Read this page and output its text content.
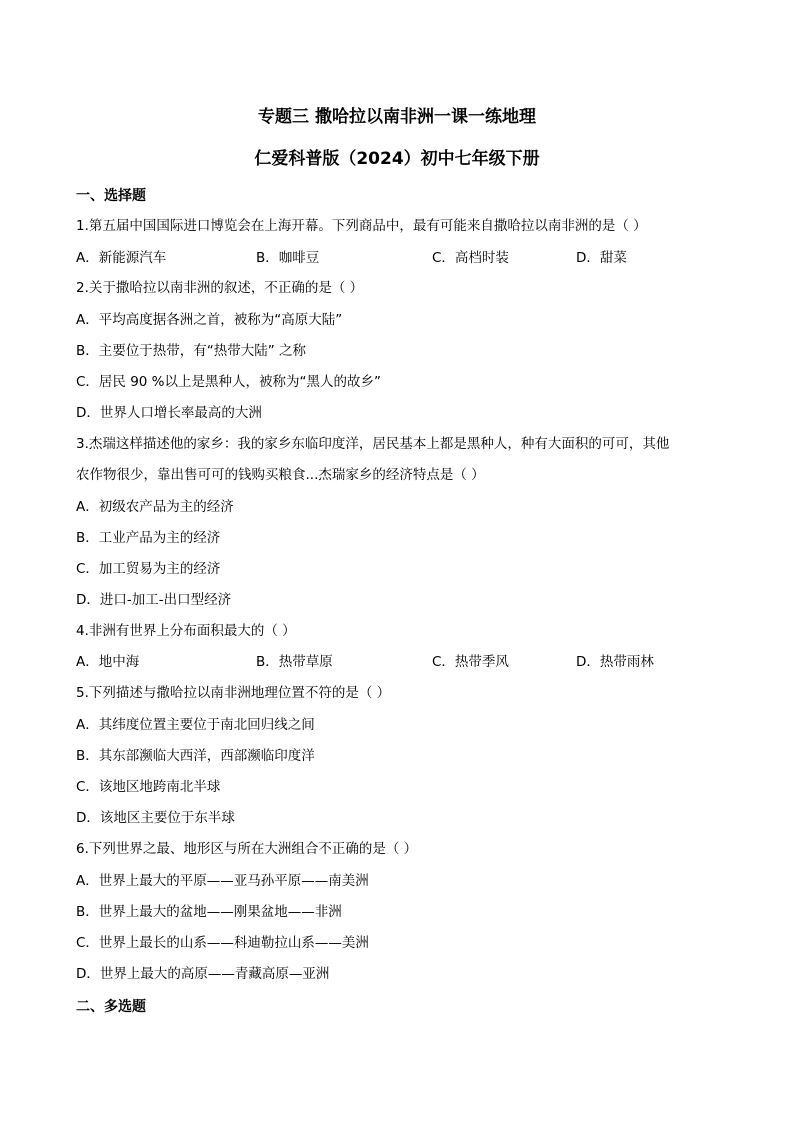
专题三 撒哈拉以南非洲一课一练地理
仁爱科普版（2024）初中七年级下册
一、选择题
1.第五届中国国际进口博览会在上海开幕。下列商品中，最有可能来自撒哈拉以南非洲的是（ ）
A．新能源汽车	B．咖啡豆	C．高档时装	D．甜菜
2.关于撒哈拉以南非洲的叙述，不正确的是（ ）
A．平均高度据各洲之首，被称为“高原大陆”
B．主要位于热带，有“热带大陆” 之称
C．居民 90 %以上是黑种人，被称为“黑人的故乡”
D．世界人口增长率最高的大洲
3.杰瑞这样描述他的家乡：我的家乡东临印度洋，居民基本上都是黑种人，种有大面积的可可，其他
农作物很少，靠出售可可的钱购买粮食...杰瑞家乡的经济特点是（ ）
A．初级农产品为主的经济
B．工业产品为主的经济
C．加工贸易为主的经济
D．进口-加工-出口型经济
4.非洲有世界上分布面积最大的（ ）
A．地中海	B．热带草原	C．热带季风	D．热带雨林
5.下列描述与撒哈拉以南非洲地理位置不符的是（ ）
A．其纬度位置主要位于南北回归线之间
B．其东部濒临大西洋，西部濒临印度洋
C．该地区地跨南北半球
D．该地区主要位于东半球
6.下列世界之最、地形区与所在大洲组合不正确的是（ ）
A．世界上最大的平原——亚马孙平原——南美洲
B．世界上最大的盆地——刚果盆地——非洲
C．世界上最长的山系——科迪勒拉山系——美洲
D．世界上最大的高原——青藏高原—亚洲
二、多选题
